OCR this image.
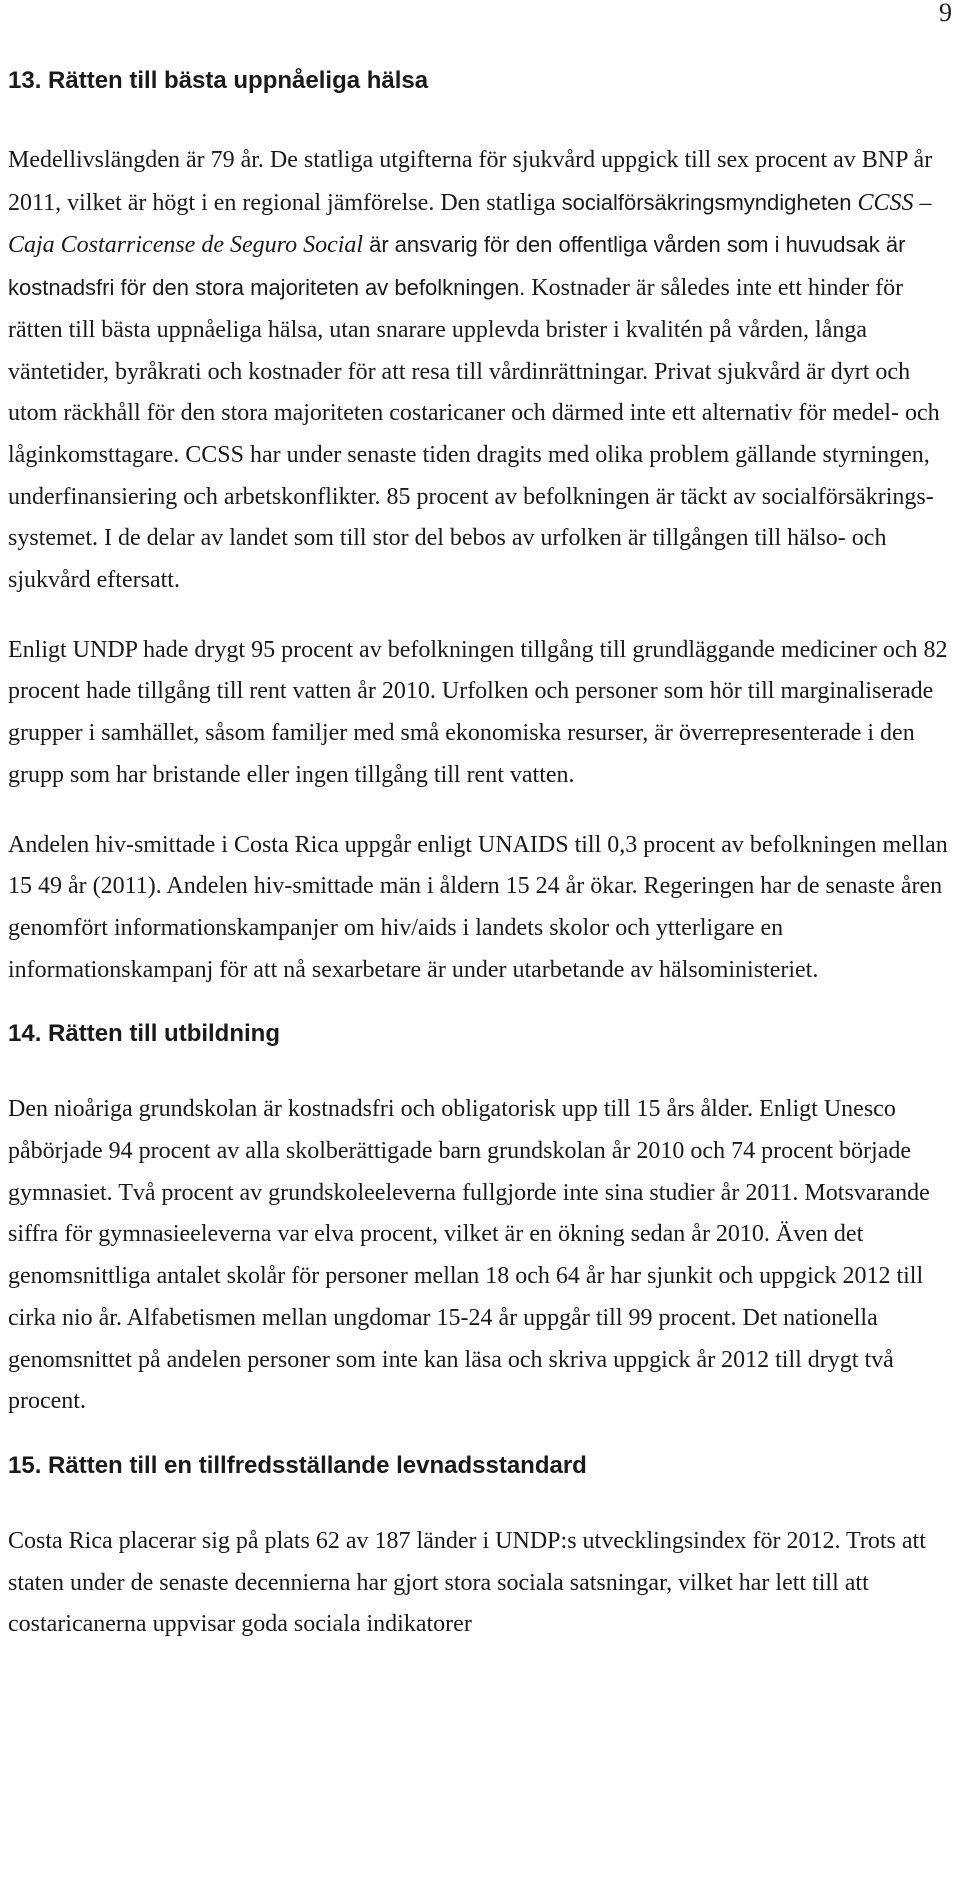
9
13. Rätten till bästa uppnåeliga hälsa

Medellivslängden är 79 år. De statliga utgifterna för sjukvård uppgick till sex procent av BNP år 2011, vilket är högt i en regional jämförelse. Den statliga socialförsäkringsmyndigheten CCSS – Caja Costarricense de Seguro Social är ansvarig för den offentliga vården som i huvudsak är kostnadsfri för den stora majoriteten av befolkningen. Kostnader är således inte ett hinder för rätten till bästa uppnåeliga hälsa, utan snarare upplevda brister i kvalitén på vården, långa väntetider, byråkrati och kostnader för att resa till vårdinrättningar. Privat sjukvård är dyrt och utom räckhåll för den stora majoriteten costaricaner och därmed inte ett alternativ för medel- och låginkomsttagare. CCSS har under senaste tiden dragits med olika problem gällande styrningen, underfinansiering och arbetskonflikter. 85 procent av befolkningen är täckt av socialförsäkrings-systemet. I de delar av landet som till stor del bebos av urfolken är tillgången till hälso- och sjukvård eftersatt.

Enligt UNDP hade drygt 95 procent av befolkningen tillgång till grundläggande mediciner och 82 procent hade tillgång till rent vatten år 2010. Urfolken och personer som hör till marginaliserade grupper i samhället, såsom familjer med små ekonomiska resurser, är överrepresenterade i den grupp som har bristande eller ingen tillgång till rent vatten.

Andelen hiv-smittade i Costa Rica uppgår enligt UNAIDS till 0,3 procent av befolkningen mellan 15 49 år (2011). Andelen hiv-smittade män i åldern 15 24 år ökar. Regeringen har de senaste åren genomfört informationskampanjer om hiv/aids i landets skolor och ytterligare en informationskampanj för att nå sexarbetare är under utarbetande av hälsoministeriet.

14. Rätten till utbildning

Den nioåriga grundskolan är kostnadsfri och obligatorisk upp till 15 års ålder. Enligt Unesco påbörjade 94 procent av alla skolberättigade barn grundskolan år 2010 och 74 procent började gymnasiet. Två procent av grundskoleeleverna fullgjorde inte sina studier år 2011. Motsvarande siffra för gymnasieeleverna var elva procent, vilket är en ökning sedan år 2010. Även det genomsnittliga antalet skolår för personer mellan 18 och 64 år har sjunkit och uppgick 2012 till cirka nio år. Alfabetismen mellan ungdomar 15-24 år uppgår till 99 procent. Det nationella genomsnittet på andelen personer som inte kan läsa och skriva uppgick år 2012 till drygt två procent.

15. Rätten till en tillfredsställande levnadsstandard

Costa Rica placerar sig på plats 62 av 187 länder i UNDP:s utvecklingsindex för 2012. Trots att staten under de senaste decennierna har gjort stora sociala satsningar, vilket har lett till att costaricanerna uppvisar goda sociala indikatorer
